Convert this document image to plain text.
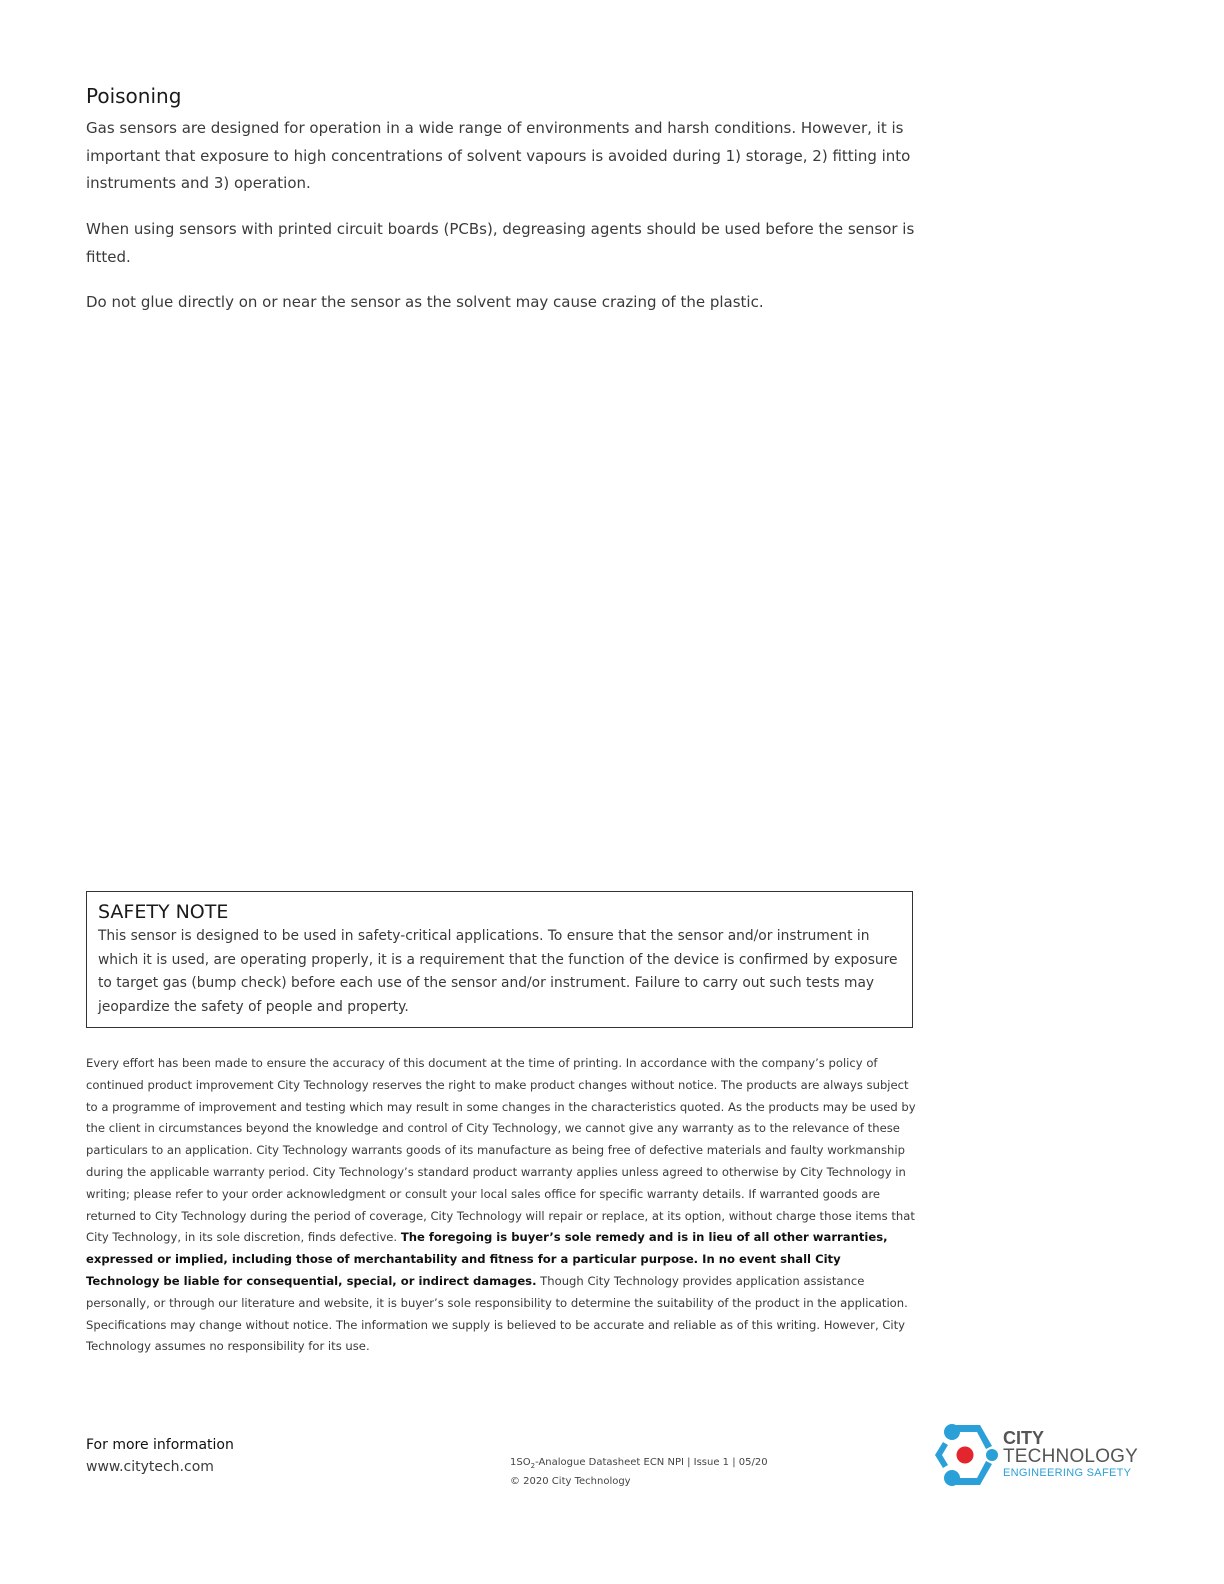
Poisoning

Gas sensors are designed for operation in a wide range of environments and harsh conditions. However, it is important that exposure to high concentrations of solvent vapours is avoided during 1) storage, 2) fitting into instruments and 3) operation.

When using sensors with printed circuit boards (PCBs), degreasing agents should be used before the sensor is fitted.

Do not glue directly on or near the sensor as the solvent may cause crazing of the plastic.

SAFETY NOTE

This sensor is designed to be used in safety-critical applications. To ensure that the sensor and/or instrument in which it is used, are operating properly, it is a requirement that the function of the device is confirmed by exposure to target gas (bump check) before each use of the sensor and/or instrument. Failure to carry out such tests may jeopardize the safety of people and property.

Every effort has been made to ensure the accuracy of this document at the time of printing. In accordance with the company’s policy of continued product improvement City Technology reserves the right to make product changes without notice. The products are always subject to a programme of improvement and testing which may result in some changes in the characteristics quoted. As the products may be used by the client in circumstances beyond the knowledge and control of City Technology, we cannot give any warranty as to the relevance of these particulars to an application. City Technology warrants goods of its manufacture as being free of defective materials and faulty workmanship during the applicable warranty period. City Technology’s standard product warranty applies unless agreed to otherwise by City Technology in writing; please refer to your order acknowledgment or consult your local sales office for specific warranty details. If warranted goods are returned to City Technology during the period of coverage, City Technology will repair or replace, at its option, without charge those items that City Technology, in its sole discretion, finds defective. The foregoing is buyer’s sole remedy and is in lieu of all other warranties, expressed or implied, including those of merchantability and fitness for a particular purpose. In no event shall City Technology be liable for consequential, special, or indirect damages. Though City Technology provides application assistance personally, or through our literature and website, it is buyer’s sole responsibility to determine the suitability of the product in the application. Specifications may change without notice. The information we supply is believed to be accurate and reliable as of this writing. However, City Technology assumes no responsibility for its use.

For more information
www.citytech.com	$1SO_2$-Analogue Datasheet ECN NPI | Issue 1 | 05/20
© 2020 City Technology
CITY
TECHNOLOGY
ENGINEERING SAFETY
